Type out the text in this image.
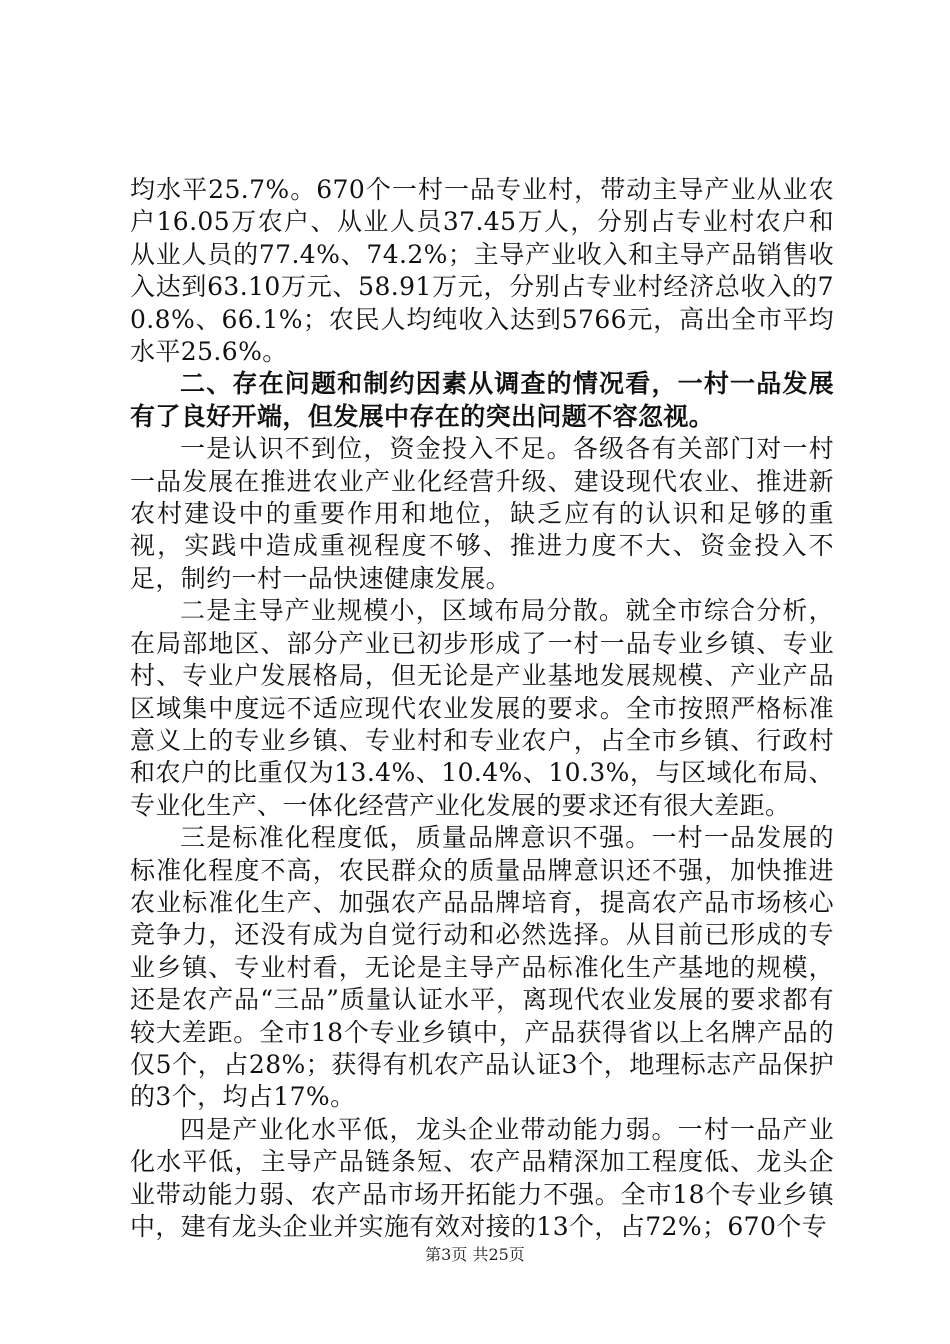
均水平25.7%。670个一村一品专业村，带动主导产业从业农户16.05万农户、从业人员37.45万人，分别占专业村农户和从业人员的77.4%、74.2%；主导产业收入和主导产品销售收入达到63.10万元、58.91万元，分别占专业村经济总收入的70.8%、66.1%；农民人均纯收入达到5766元，高出全市平均水平25.6%。

二、存在问题和制约因素从调查的情况看，一村一品发展有了良好开端，但发展中存在的突出问题不容忽视。

一是认识不到位，资金投入不足。各级各有关部门对一村一品发展在推进农业产业化经营升级、建设现代农业、推进新农村建设中的重要作用和地位，缺乏应有的认识和足够的重视，实践中造成重视程度不够、推进力度不大、资金投入不足，制约一村一品快速健康发展。

二是主导产业规模小，区域布局分散。就全市综合分析，在局部地区、部分产业已初步形成了一村一品专业乡镇、专业村、专业户发展格局，但无论是产业基地发展规模、产业产品区域集中度远不适应现代农业发展的要求。全市按照严格标准意义上的专业乡镇、专业村和专业农户，占全市乡镇、行政村和农户的比重仅为13.4%、10.4%、10.3%，与区域化布局、专业化生产、一体化经营产业化发展的要求还有很大差距。

三是标准化程度低，质量品牌意识不强。一村一品发展的标准化程度不高，农民群众的质量品牌意识还不强，加快推进农业标准化生产、加强农产品品牌培育，提高农产品市场核心竞争力，还没有成为自觉行动和必然选择。从目前已形成的专业乡镇、专业村看，无论是主导产品标准化生产基地的规模，还是农产品“三品”质量认证水平，离现代农业发展的要求都有较大差距。全市18个专业乡镇中，产品获得省以上名牌产品的仅5个，占28%；获得有机农产品认证3个，地理标志产品保护的3个，均占17%。

四是产业化水平低，龙头企业带动能力弱。一村一品产业化水平低，主导产品链条短、农产品精深加工程度低、龙头企业带动能力弱、农产品市场开拓能力不强。全市18个专业乡镇中，建有龙头企业并实施有效对接的13个，占72%；670个专

第3页 共25页
